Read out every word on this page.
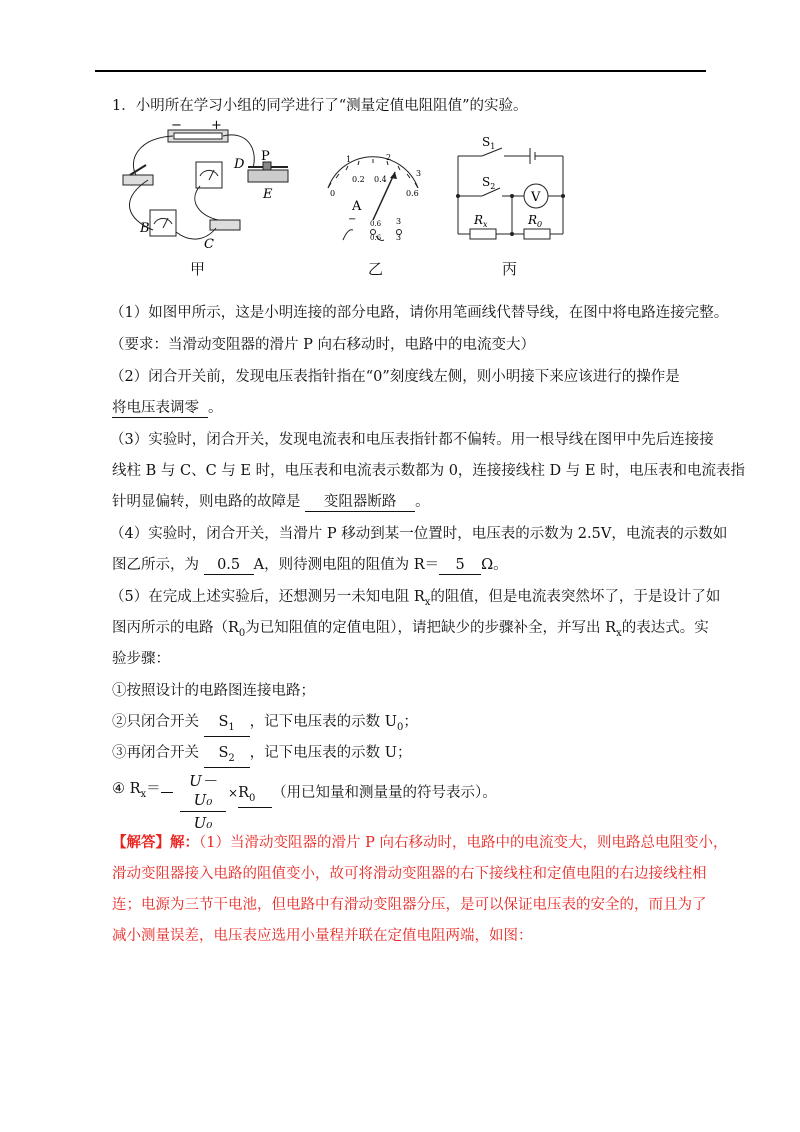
1．小明所在学习小组的同学进行了“测量定值电阻阻值”的实验。
− +
D
P
E
B
C
甲
0
0.2 0.4
0.6
1	2
3
A
− 0.6 3
0.6 3
乙
$S_1$
$S_2$
V
$R_x$	$R_0$
丙
（1）如图甲所示，这是小明连接的部分电路，请你用笔画线代替导线，在图中将电路连接完整。
（要求：当滑动变阻器的滑片 P 向右移动时，电路中的电流变大）
（2）闭合开关前，发现电压表指针指在“0”刻度线左侧，则小明接下来应该进行的操作是
将电压表调零 。
（3）实验时，闭合开关，发现电流表和电压表指针都不偏转。用一根导线在图甲中先后连接接
线柱 B 与 C、C 与 E 时，电压表和电流表示数都为 0，连接接线柱 D 与 E 时，电压表和电流表指
针明显偏转，则电路的故障是 变阻器断路 。
（4）实验时，闭合开关，当滑片 P 移动到某一位置时，电压表的示数为 2.5V，电流表的示数如
图乙所示，为 0.5 A，则待测电阻的阻值为 R＝ 5 Ω。
（5）在完成上述实验后，还想测另一未知电阻 $R_x$的阻值，但是电流表突然坏了，于是设计了如
图丙所示的电路（$R_0$为已知阻值的定值电阻），请把缺少的步骤补全，并写出 $R_x$的表达式。实
验步骤：
①按照设计的电路图连接电路；
②只闭合开关 $S_1$ ，记下电压表的示数 $U_0$；
③再闭合开关 $S_2$ ，记下电压表的示数 U；
④ $R_x=$	$\frac{\text{U－U₀}}{\text{U₀}} \times R_0$ （用已知量和测量量的符号表示）。
【解答】解：（1）当滑动变阻器的滑片 P 向右移动时，电路中的电流变大，则电路总电阻变小，
滑动变阻器接入电路的阻值变小，故可将滑动变阻器的右下接线柱和定值电阻的右边接线柱相
连；电源为三节干电池，但电路中有滑动变阻器分压，是可以保证电压表的安全的，而且为了
减小测量误差，电压表应选用小量程并联在定值电阻两端，如图：
